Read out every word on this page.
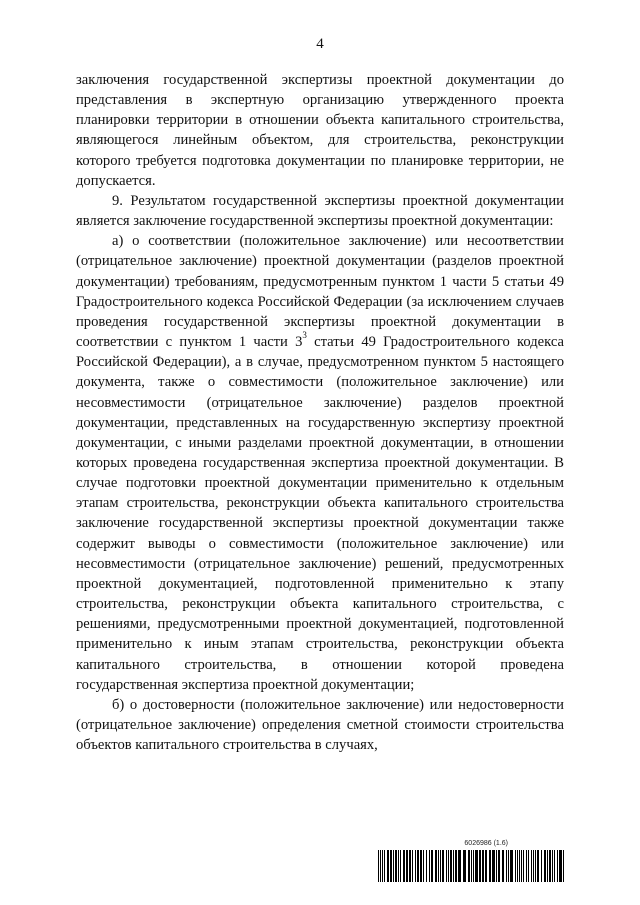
4

заключения государственной экспертизы проектной документации до представления в экспертную организацию утвержденного проекта планировки территории в отношении объекта капитального строительства, являющегося линейным объектом, для строительства, реконструкции которого требуется подготовка документации по планировке территории, не допускается.

9. Результатом государственной экспертизы проектной документации является заключение государственной экспертизы проектной документации:

а) о соответствии (положительное заключение) или несоответствии (отрицательное заключение) проектной документации (разделов проектной документации) требованиям, предусмотренным пунктом 1 части 5 статьи 49 Градостроительного кодекса Российской Федерации (за исключением случаев проведения государственной экспертизы проектной документации в соответствии с пунктом 1 части $3^3$ статьи 49 Градостроительного кодекса Российской Федерации), а в случае, предусмотренном пунктом 5 настоящего документа, также о совместимости (положительное заключение) или несовместимости (отрицательное заключение) разделов проектной документации, представленных на государственную экспертизу проектной документации, с иными разделами проектной документации, в отношении которых проведена государственная экспертиза проектной документации. В случае подготовки проектной документации применительно к отдельным этапам строительства, реконструкции объекта капитального строительства заключение государственной экспертизы проектной документации также содержит выводы о совместимости (положительное заключение) или несовместимости (отрицательное заключение) решений, предусмотренных проектной документацией, подготовленной применительно к этапу строительства, реконструкции объекта капитального строительства, с решениями, предусмотренными проектной документацией, подготовленной применительно к иным этапам строительства, реконструкции объекта капитального строительства, в отношении которой проведена государственная экспертиза проектной документации;

б) о достоверности (положительное заключение) или недостоверности (отрицательное заключение) определения сметной стоимости строительства объектов капитального строительства в случаях,

6026986 (1.6)
